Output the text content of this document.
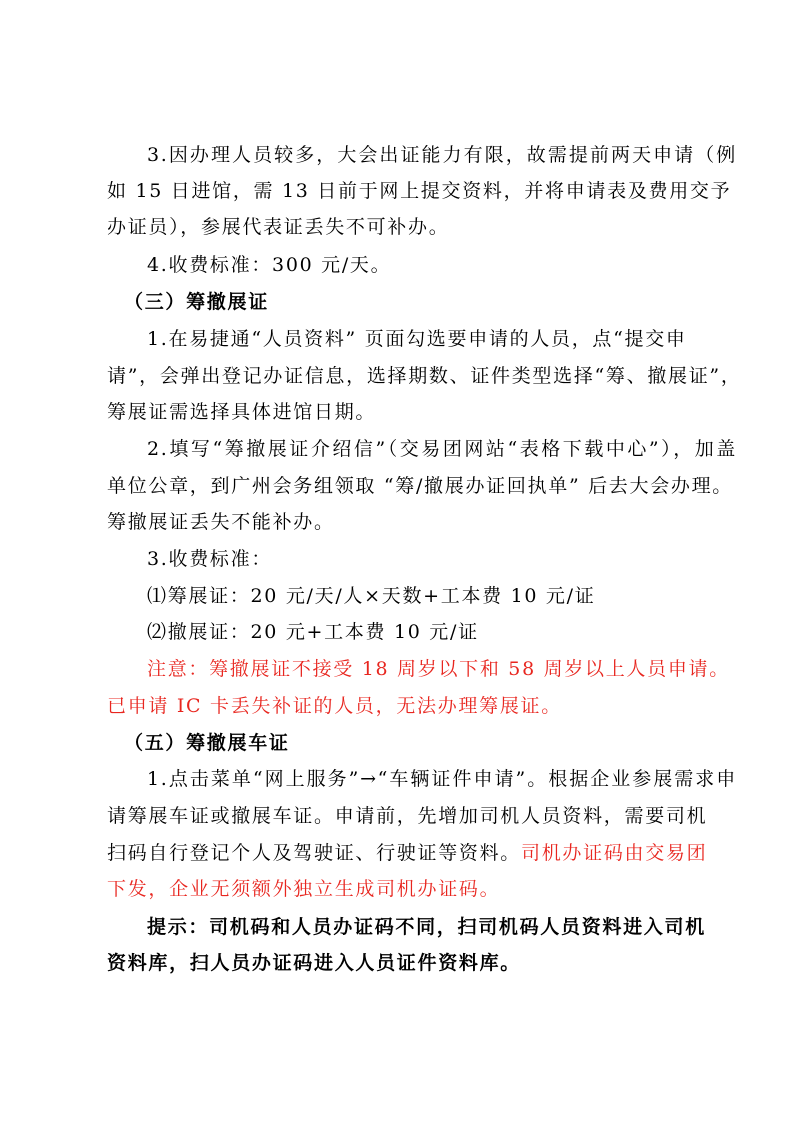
3.因办理人员较多，大会出证能力有限，故需提前两天申请（例
如 15 日进馆，需 13 日前于网上提交资料，并将申请表及费用交予
办证员），参展代表证丢失不可补办。
4.收费标准：300 元/天。
（三）筹撤展证
1.在易捷通“人员资料” 页面勾选要申请的人员，点“提交申
请”，会弹出登记办证信息，选择期数、证件类型选择“筹、撤展证”，
筹展证需选择具体进馆日期。
2.填写“筹撤展证介绍信”（交易团网站“表格下载中心”），加盖
单位公章，到广州会务组领取 “筹/撤展办证回执单” 后去大会办理。
筹撤展证丢失不能补办。
3.收费标准：
⑴筹展证：20 元/天/人×天数+工本费 10 元/证
⑵撤展证：20 元+工本费 10 元/证
注意：筹撤展证不接受 18 周岁以下和 58 周岁以上人员申请。
已申请 IC 卡丢失补证的人员，无法办理筹展证。
（五）筹撤展车证
1.点击菜单“网上服务”→“车辆证件申请”。根据企业参展需求申
请筹展车证或撤展车证。申请前，先增加司机人员资料，需要司机
扫码自行登记个人及驾驶证、行驶证等资料。司机办证码由交易团
下发，企业无须额外独立生成司机办证码。
提示：司机码和人员办证码不同，扫司机码人员资料进入司机
资料库，扫人员办证码进入人员证件资料库。
